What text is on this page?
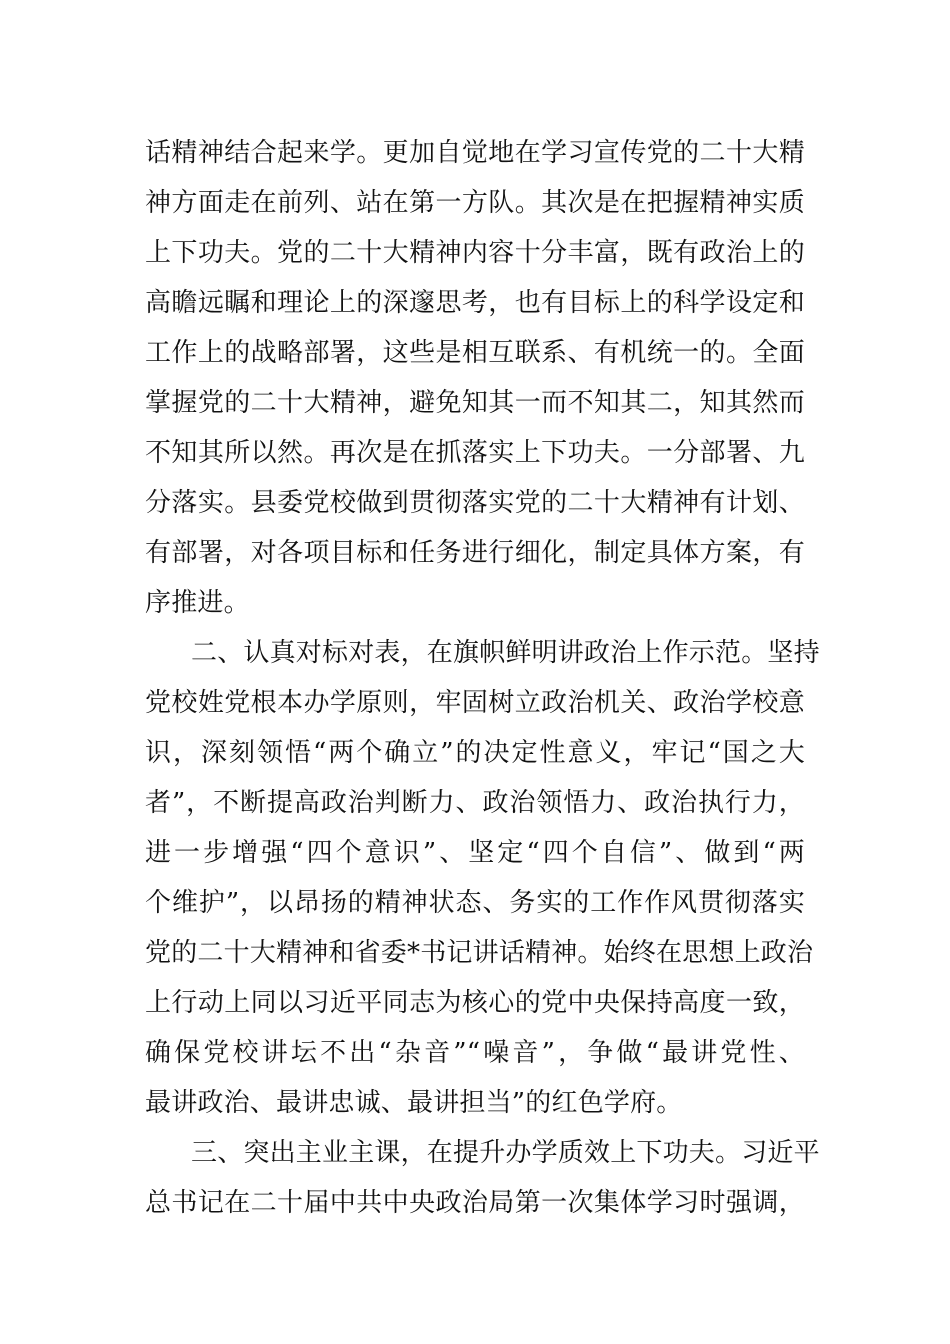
话精神结合起来学。更加自觉地在学习宣传党的二十大精
神方面走在前列、站在第一方队。其次是在把握精神实质
上下功夫。党的二十大精神内容十分丰富，既有政治上的
高瞻远瞩和理论上的深邃思考，也有目标上的科学设定和
工作上的战略部署，这些是相互联系、有机统一的。全面
掌握党的二十大精神，避免知其一而不知其二，知其然而
不知其所以然。再次是在抓落实上下功夫。一分部署、九
分落实。县委党校做到贯彻落实党的二十大精神有计划、
有部署，对各项目标和任务进行细化，制定具体方案，有
序推进。
二、认真对标对表，在旗帜鲜明讲政治上作示范。坚持
党校姓党根本办学原则，牢固树立政治机关、政治学校意
识，深刻领悟“两个确立”的决定性意义，牢记“国之大
者”，不断提高政治判断力、政治领悟力、政治执行力，
进一步增强“四个意识”、坚定“四个自信”、做到“两
个维护”，以昂扬的精神状态、务实的工作作风贯彻落实
党的二十大精神和省委*书记讲话精神。始终在思想上政治
上行动上同以习近平同志为核心的党中央保持高度一致，
确保党校讲坛不出“杂音”“噪音”，争做“最讲党性、
最讲政治、最讲忠诚、最讲担当”的红色学府。
三、突出主业主课，在提升办学质效上下功夫。习近平
总书记在二十届中共中央政治局第一次集体学习时强调，
